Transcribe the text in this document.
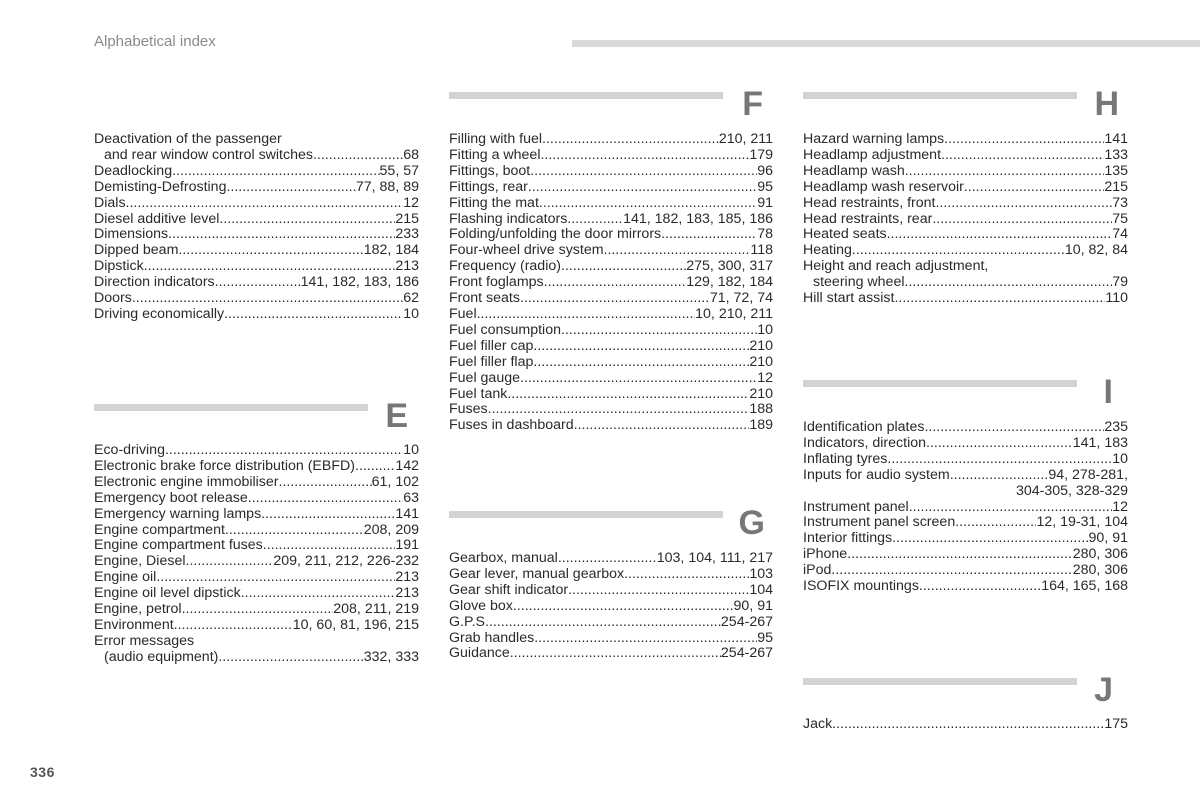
Alphabetical index
Deactivation of the passenger
and rear window control switches .....	68
Deadlocking .....	55, 57
Demisting-Defrosting .....	77, 88, 89
Dials .....	12
Diesel additive level .....	215
Dimensions .....	233
Dipped beam .....	182, 184
Dipstick .....	213
Direction indicators .....	141, 182, 183, 186
Doors .....	62
Driving economically .....	10
E
Eco-driving .....	10
Electronic brake force distribution (EBFD) .....	142
Electronic engine immobiliser .....	61, 102
Emergency boot release .....	63
Emergency warning lamps .....	141
Engine compartment .....	208, 209
Engine compartment fuses .....	191
Engine, Diesel .....	209, 211, 212, 226-232
Engine oil .....	213
Engine oil level dipstick .....	213
Engine, petrol .....	208, 211, 219
Environment .....	10, 60, 81, 196, 215
Error messages
(audio equipment) .....	332, 333
F
Filling with fuel .....	210, 211
Fitting a wheel .....	179
Fittings, boot .....	96
Fittings, rear .....	95
Fitting the mat .....	91
Flashing indicators .....	141, 182, 183, 185, 186
Folding/unfolding the door mirrors .....	78
Four-wheel drive system .....	118
Frequency (radio) .....	275, 300, 317
Front foglamps .....	129, 182, 184
Front seats .....	71, 72, 74
Fuel .....	10, 210, 211
Fuel consumption .....	10
Fuel filler cap .....	210
Fuel filler flap .....	210
Fuel gauge .....	12
Fuel tank .....	210
Fuses .....	188
Fuses in dashboard .....	189
G
Gearbox, manual .....	103, 104, 111, 217
Gear lever, manual gearbox .....	103
Gear shift indicator .....	104
Glove box .....	90, 91
G.P.S. .....	254-267
Grab handles .....	95
Guidance .....	254-267
H
Hazard warning lamps .....	141
Headlamp adjustment .....	133
Headlamp wash .....	135
Headlamp wash reservoir .....	215
Head restraints, front .....	73
Head restraints, rear .....	75
Heated seats .....	74
Heating .....	10, 82, 84
Height and reach adjustment,
steering wheel .....	79
Hill start assist .....	110
I
Identification plates .....	235
Indicators, direction .....	141, 183
Inflating tyres .....	10
Inputs for audio system .....	94, 278-281,
304-305, 328-329
Instrument panel .....	12
Instrument panel screen .....	12, 19-31, 104
Interior fittings .....	90, 91
iPhone .....	280, 306
iPod .....	280, 306
ISOFIX mountings .....	164, 165, 168
J
Jack .....	175
336
